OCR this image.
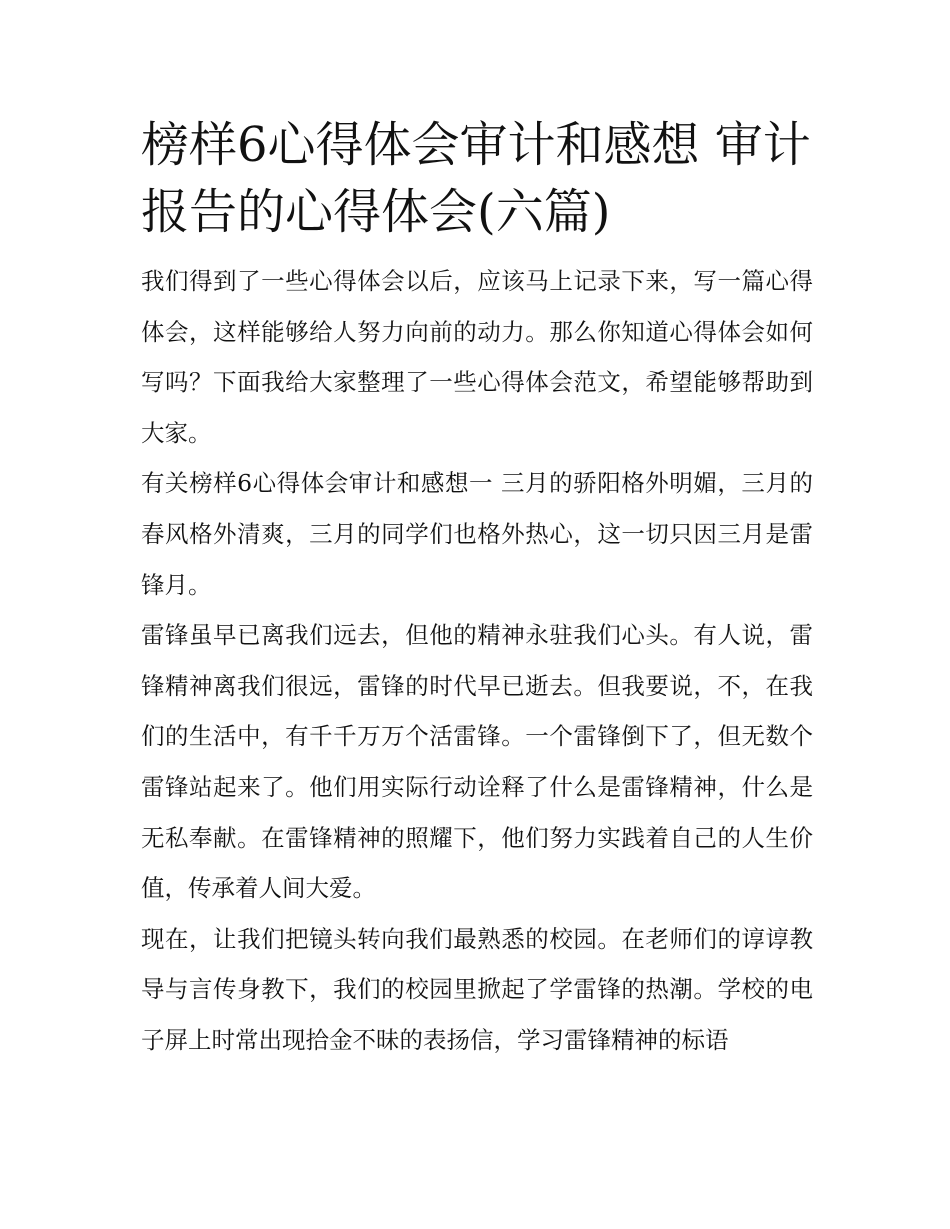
榜样6心得体会审计和感想 审计报告的心得体会(六篇)

我们得到了一些心得体会以后，应该马上记录下来，写一篇心得体会，这样能够给人努力向前的动力。那么你知道心得体会如何写吗？下面我给大家整理了一些心得体会范文，希望能够帮助到大家。

有关榜样6心得体会审计和感想一 三月的骄阳格外明媚，三月的春风格外清爽，三月的同学们也格外热心，这一切只因三月是雷锋月。

雷锋虽早已离我们远去，但他的精神永驻我们心头。有人说，雷锋精神离我们很远，雷锋的时代早已逝去。但我要说，不，在我们的生活中，有千千万万个活雷锋。一个雷锋倒下了，但无数个雷锋站起来了。他们用实际行动诠释了什么是雷锋精神，什么是无私奉献。在雷锋精神的照耀下，他们努力实践着自己的人生价值，传承着人间大爱。

现在，让我们把镜头转向我们最熟悉的校园。在老师们的谆谆教导与言传身教下，我们的校园里掀起了学雷锋的热潮。学校的电子屏上时常出现拾金不昧的表扬信，学习雷锋精神的标语
